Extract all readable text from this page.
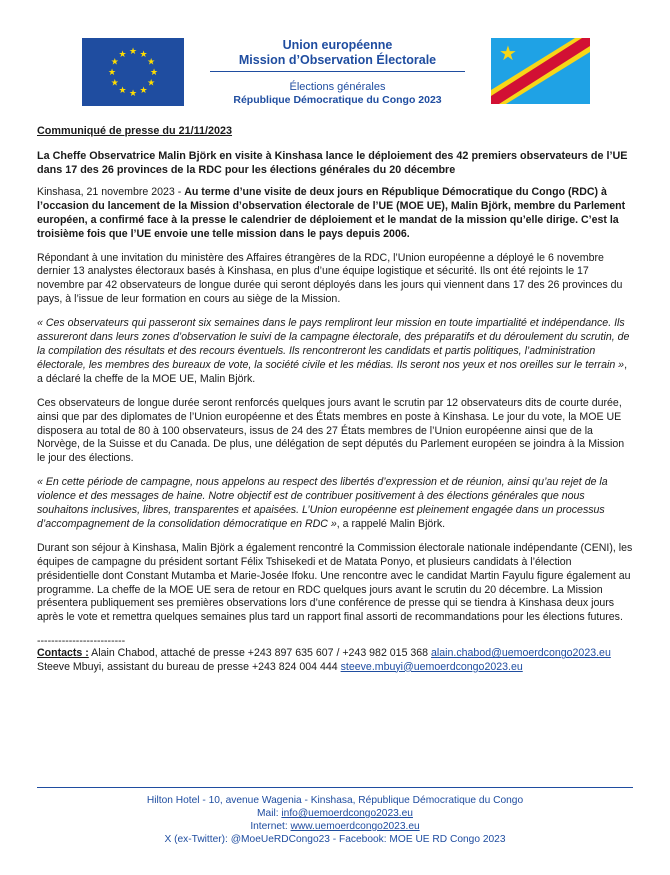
★ ★
★
★
★
★
★
★
★
★
★
★
Union européenne
Mission d’Observation Électorale
Élections générales
République Démocratique du Congo 2023
★
Communiqué de presse du 21/11/2023
La Cheffe Observatrice Malin Björk en visite à Kinshasa lance le déploiement des 42 premiers observateurs de l’UE dans 17 des 26 provinces de la RDC pour les élections générales du 20 décembre

Kinshasa, 21 novembre 2023 - Au terme d’une visite de deux jours en République Démocratique du Congo (RDC) à l’occasion du lancement de la Mission d’observation électorale de l’UE (MOE UE), Malin Björk, membre du Parlement européen, a confirmé face à la presse le calendrier de déploiement et le mandat de la mission qu’elle dirige. C’est la troisième fois que l’UE envoie une telle mission dans le pays depuis 2006.

Répondant à une invitation du ministère des Affaires étrangères de la RDC, l’Union européenne a déployé le 6 novembre dernier 13 analystes électoraux basés à Kinshasa, en plus d’une équipe logistique et sécurité. Ils ont été rejoints le 17 novembre par 42 observateurs de longue durée qui seront déployés dans les jours qui viennent dans 17 des 26 provinces du pays, à l’issue de leur formation en cours au siège de la Mission.

« Ces observateurs qui passeront six semaines dans le pays rempliront leur mission en toute impartialité et indépendance. Ils assureront dans leurs zones d’observation le suivi de la campagne électorale, des préparatifs et du déroulement du scrutin, de la compilation des résultats et des recours éventuels. Ils rencontreront les candidats et partis politiques, l’administration électorale, les membres des bureaux de vote, la société civile et les médias. Ils seront nos yeux et nos oreilles sur le terrain », a déclaré la cheffe de la MOE UE, Malin Björk.

Ces observateurs de longue durée seront renforcés quelques jours avant le scrutin par 12 observateurs dits de courte durée, ainsi que par des diplomates de l’Union européenne et des États membres en poste à Kinshasa. Le jour du vote, la MOE UE disposera au total de 80 à 100 observateurs, issus de 24 des 27 États membres de l’Union européenne ainsi que de la Norvège, de la Suisse et du Canada. De plus, une délégation de sept députés du Parlement européen se joindra à la Mission le jour des élections.

« En cette période de campagne, nous appelons au respect des libertés d’expression et de réunion, ainsi qu’au rejet de la violence et des messages de haine. Notre objectif est de contribuer positivement à des élections générales que nous souhaitons inclusives, libres, transparentes et apaisées. L’Union européenne est pleinement engagée dans un processus d’accompagnement de la consolidation démocratique en RDC », a rappelé Malin Björk.

Durant son séjour à Kinshasa, Malin Björk a également rencontré la Commission électorale nationale indépendante (CENI), les équipes de campagne du président sortant Félix Tshisekedi et de Matata Ponyo, et plusieurs candidats à l’élection présidentielle dont Constant Mutamba et Marie-Josée Ifoku. Une rencontre avec le candidat Martin Fayulu figure également au programme. La cheffe de la MOE UE sera de retour en RDC quelques jours avant le scrutin du 20 décembre. La Mission présentera publiquement ses premières observations lors d’une conférence de presse qui se tiendra à Kinshasa deux jours après le vote et remettra quelques semaines plus tard un rapport final assorti de recommandations pour les élections futures.

-------------------------
Contacts : Alain Chabod, attaché de presse +243 897 635 607 / +243 982 015 368 alain.chabod@uemoerdcongo2023.eu
Steeve Mbuyi, assistant du bureau de presse +243 824 004 444 steeve.mbuyi@uemoerdcongo2023.eu
Hilton Hotel - 10, avenue Wagenia - Kinshasa, République Démocratique du Congo
Mail: info@uemoerdcongo2023.eu
Internet: www.uemoerdcongo2023.eu
X (ex-Twitter): @MoeUeRDCongo23 - Facebook: MOE UE RD Congo 2023
